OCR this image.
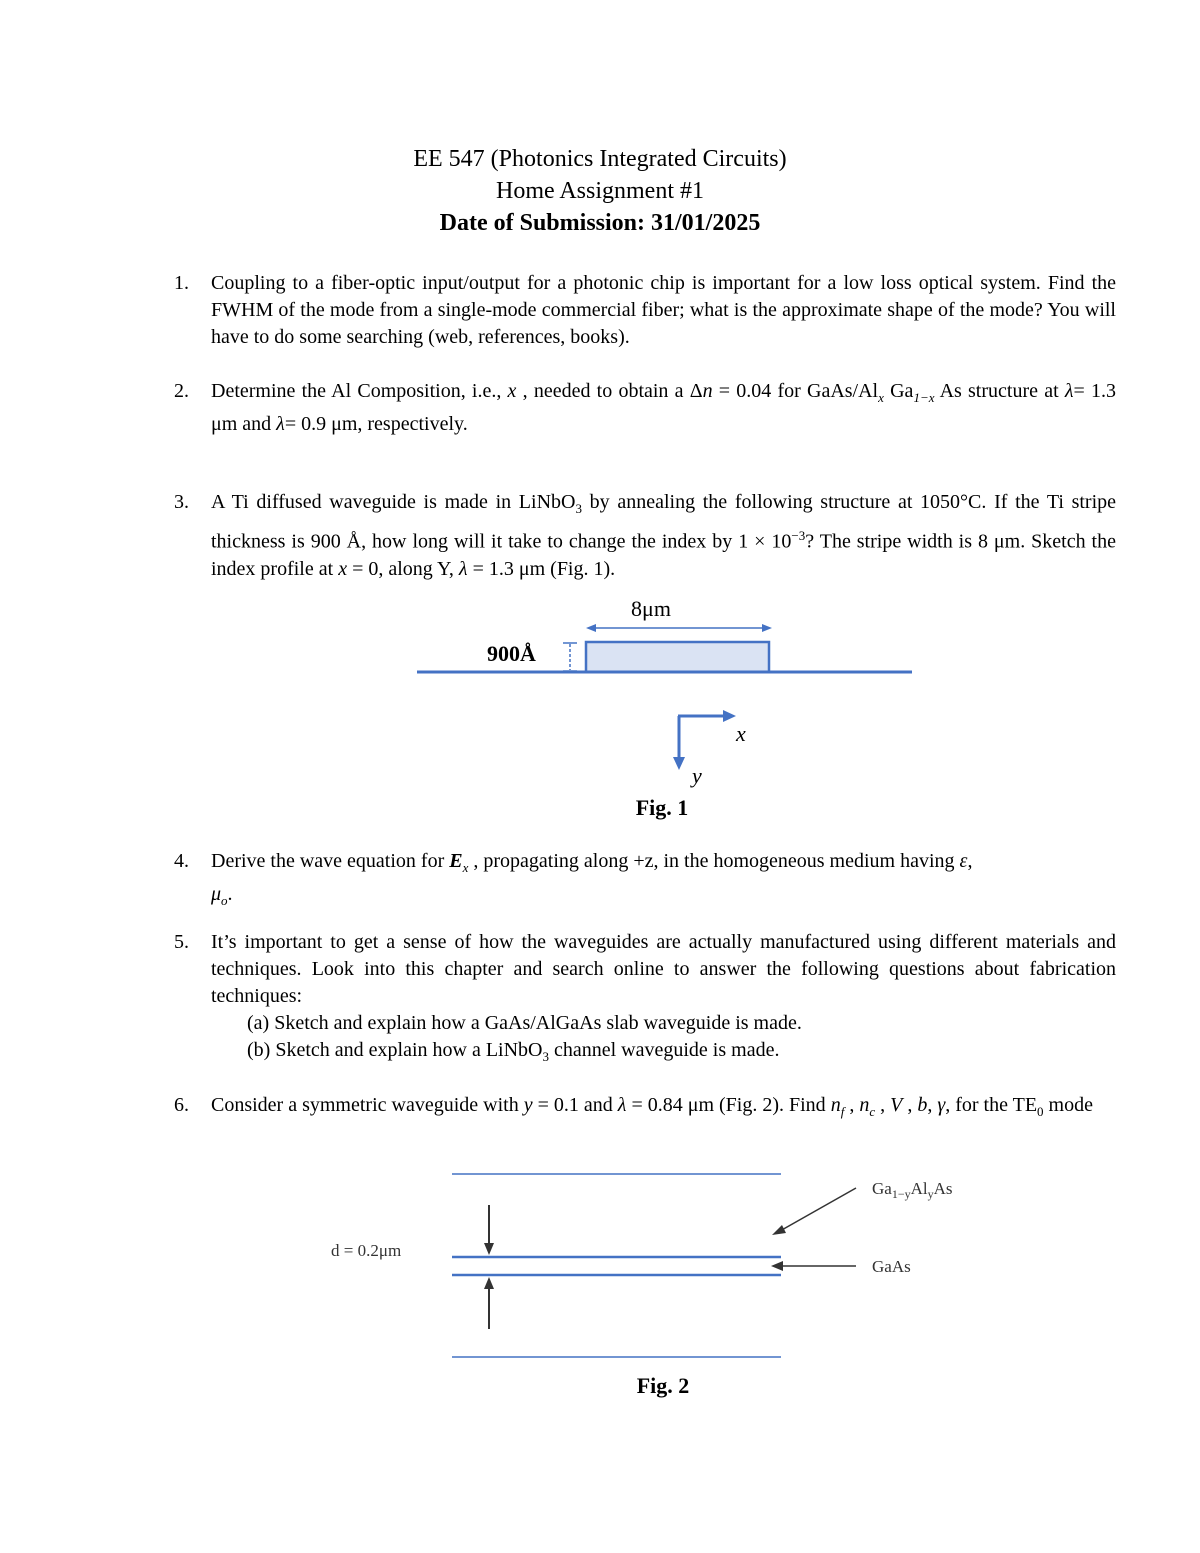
EE 547 (Photonics Integrated Circuits)
Home Assignment #1
Date of Submission: 31/01/2025
1. Coupling to a fiber-optic input/output for a photonic chip is important for a low loss optical system. Find the FWHM of the mode from a single-mode commercial fiber; what is the approximate shape of the mode? You will have to do some searching (web, references, books).
2. Determine the Al Composition, i.e., x , needed to obtain a Δn = 0.04 for GaAs/$Al_x$ $Ga_{1-x}$ As structure at λ= 1.3 μm and λ= 0.9 μm, respectively.
3. A Ti diffused waveguide is made in LiNbO$_3$ by annealing the following structure at 1050°C. If the Ti stripe thickness is 900 Å, how long will it take to change the index by $1 \times 10^{-3}$? The stripe width is 8 μm. Sketch the index profile at x = 0, along Y, λ = 1.3 μm (Fig. 1).
8μm
900Å
x
y
Fig. 1
4. Derive the wave equation for $E_x$ , propagating along +z, in the homogeneous medium having ε,
$\mu_o$.
5. It’s important to get a sense of how the waveguides are actually manufactured using different materials and techniques. Look into this chapter and search online to answer the following questions about fabrication techniques:
(a) Sketch and explain how a GaAs/AlGaAs slab waveguide is made.
(b) Sketch and explain how a LiNbO$_3$ channel waveguide is made.
6. Consider a symmetric waveguide with y = 0.1 and λ = 0.84 μm (Fig. 2). Find $n_f$ , $n_c$ , V , b, γ, for the $TE_0$ mode
d = 0.2μm
$Ga_{1-y}Al_yAs$
GaAs
Fig. 2
